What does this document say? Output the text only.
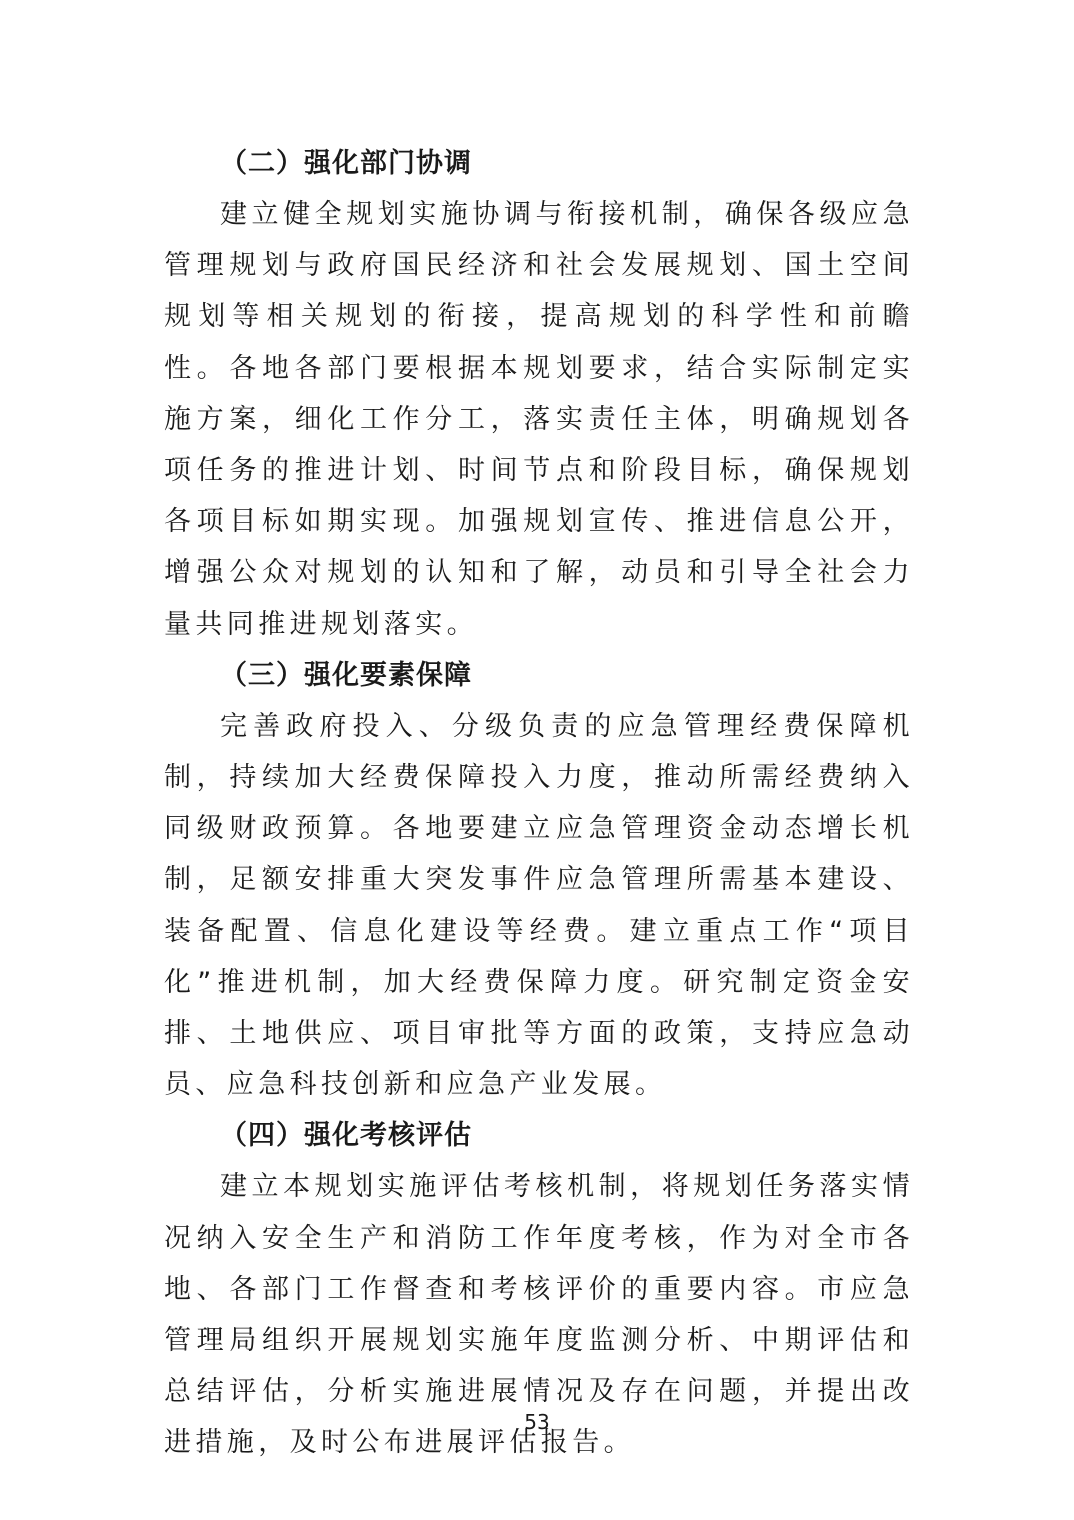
（二）强化部门协调

建立健全规划实施协调与衔接机制，确保各级应急管理规划与政府国民经济和社会发展规划、国土空间规划等相关规划的衔接，提高规划的科学性和前瞻性。各地各部门要根据本规划要求，结合实际制定实施方案，细化工作分工，落实责任主体，明确规划各项任务的推进计划、时间节点和阶段目标，确保规划各项目标如期实现。加强规划宣传、推进信息公开，增强公众对规划的认知和了解，动员和引导全社会力量共同推进规划落实。

（三）强化要素保障

完善政府投入、分级负责的应急管理经费保障机制，持续加大经费保障投入力度，推动所需经费纳入同级财政预算。各地要建立应急管理资金动态增长机制，足额安排重大突发事件应急管理所需基本建设、装备配置、信息化建设等经费。建立重点工作“项目化”推进机制，加大经费保障力度。研究制定资金安排、土地供应、项目审批等方面的政策，支持应急动员、应急科技创新和应急产业发展。

（四）强化考核评估

建立本规划实施评估考核机制，将规划任务落实情况纳入安全生产和消防工作年度考核，作为对全市各地、各部门工作督查和考核评价的重要内容。市应急管理局组织开展规划实施年度监测分析、中期评估和总结评估，分析实施进展情况及存在问题，并提出改进措施，及时公布进展评估报告。

53
